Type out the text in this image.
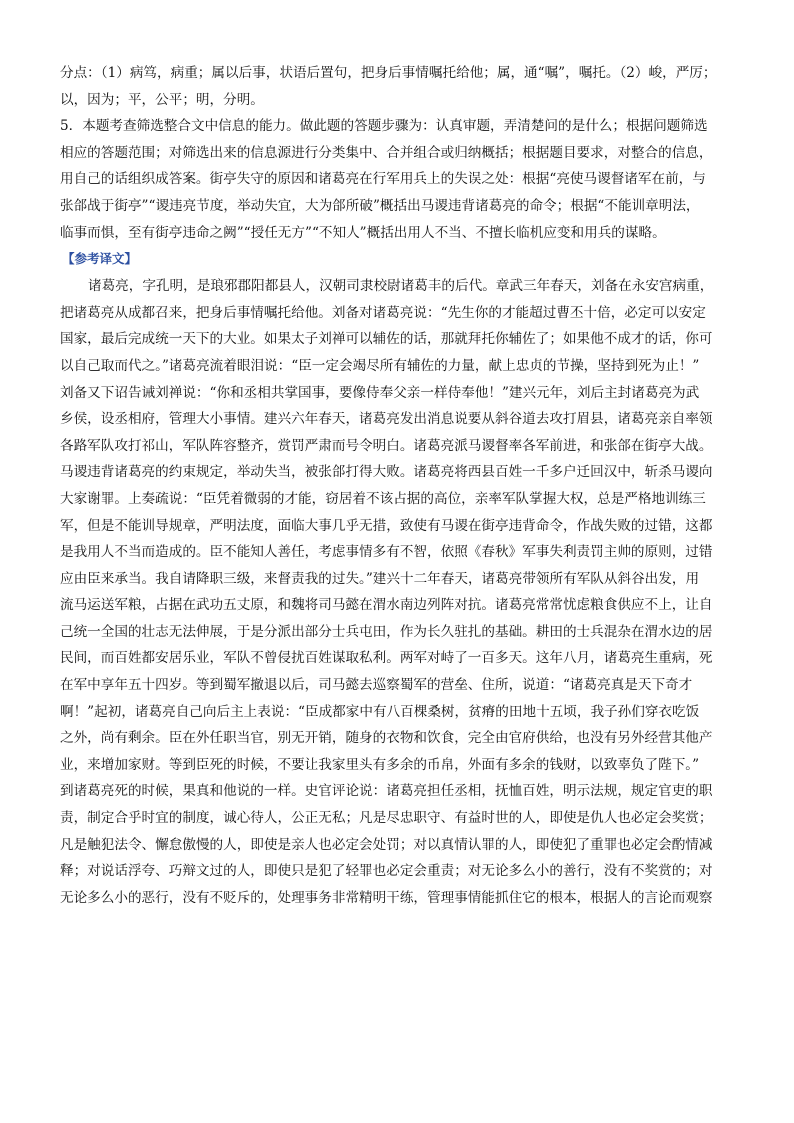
分点：（1）病笃，病重；属以后事，状语后置句，把身后事情嘱托给他；属，通“嘱”，嘱托。（2）峻，严厉；
以，因为；平，公平；明，分明。
5．本题考查筛选整合文中信息的能力。做此题的答题步骤为：认真审题，弄清楚问的是什么；根据问题筛选
相应的答题范围；对筛选出来的信息源进行分类集中、合并组合或归纳概括；根据题目要求，对整合的信息，
用自己的话组织成答案。街亭失守的原因和诸葛亮在行军用兵上的失误之处：根据“亮使马谡督诸军在前，与
张郃战于街亭”“谡违亮节度，举动失宜，大为郃所破”概括出马谡违背诸葛亮的命令；根据“不能训章明法，
临事而惧，至有街亭违命之阙”“授任无方”“不知人”概括出用人不当、不擅长临机应变和用兵的谋略。
【参考译文】
诸葛亮，字孔明，是琅邪郡阳都县人，汉朝司隶校尉诸葛丰的后代。章武三年春天，刘备在永安宫病重，
把诸葛亮从成都召来，把身后事情嘱托给他。刘备对诸葛亮说：“先生你的才能超过曹丕十倍，必定可以安定
国家，最后完成统一天下的大业。如果太子刘禅可以辅佐的话，那就拜托你辅佐了；如果他不成才的话，你可
以自己取而代之。”诸葛亮流着眼泪说：“臣一定会竭尽所有辅佐的力量，献上忠贞的节操，坚持到死为止！”
刘备又下诏告诫刘禅说：“你和丞相共掌国事，要像侍奉父亲一样侍奉他！”建兴元年，刘后主封诸葛亮为武
乡侯，设丞相府，管理大小事情。建兴六年春天，诸葛亮发出消息说要从斜谷道去攻打眉县，诸葛亮亲自率领
各路军队攻打祁山，军队阵容整齐，赏罚严肃而号令明白。诸葛亮派马谡督率各军前进，和张郃在街亭大战。
马谡违背诸葛亮的约束规定，举动失当，被张郃打得大败。诸葛亮将西县百姓一千多户迁回汉中，斩杀马谡向
大家谢罪。上奏疏说：“臣凭着微弱的才能，窃居着不该占据的高位，亲率军队掌握大权，总是严格地训练三
军，但是不能训导规章，严明法度，面临大事几乎无措，致使有马谡在街亭违背命令，作战失败的过错，这都
是我用人不当而造成的。臣不能知人善任，考虑事情多有不智，依照《春秋》军事失利责罚主帅的原则，过错
应由臣来承当。我自请降职三级，来督责我的过失。”建兴十二年春天，诸葛亮带领所有军队从斜谷出发，用
流马运送军粮，占据在武功五丈原，和魏将司马懿在渭水南边列阵对抗。诸葛亮常常忧虑粮食供应不上，让自
己统一全国的壮志无法伸展，于是分派出部分士兵屯田，作为长久驻扎的基础。耕田的士兵混杂在渭水边的居
民间，而百姓都安居乐业，军队不曾侵扰百姓谋取私利。两军对峙了一百多天。这年八月，诸葛亮生重病，死
在军中享年五十四岁。等到蜀军撤退以后，司马懿去巡察蜀军的营垒、住所，说道：“诸葛亮真是天下奇才
啊！”起初，诸葛亮自己向后主上表说：“臣成都家中有八百棵桑树，贫瘠的田地十五顷，我子孙们穿衣吃饭
之外，尚有剩余。臣在外任职当官，别无开销，随身的衣物和饮食，完全由官府供给，也没有另外经营其他产
业，来增加家财。等到臣死的时候，不要让我家里头有多余的币帛，外面有多余的钱财，以致辜负了陛下。”
到诸葛亮死的时候，果真和他说的一样。史官评论说：诸葛亮担任丞相，抚恤百姓，明示法规，规定官吏的职
责，制定合乎时宜的制度，诚心待人，公正无私；凡是尽忠职守、有益时世的人，即使是仇人也必定会奖赏；
凡是触犯法令、懈怠傲慢的人，即使是亲人也必定会处罚；对以真情认罪的人，即使犯了重罪也必定会酌情减
释；对说话浮夸、巧辩文过的人，即使只是犯了轻罪也必定会重责；对无论多么小的善行，没有不奖赏的；对
无论多么小的恶行，没有不贬斥的，处理事务非常精明干练，管理事情能抓住它的根本，根据人的言论而观察
